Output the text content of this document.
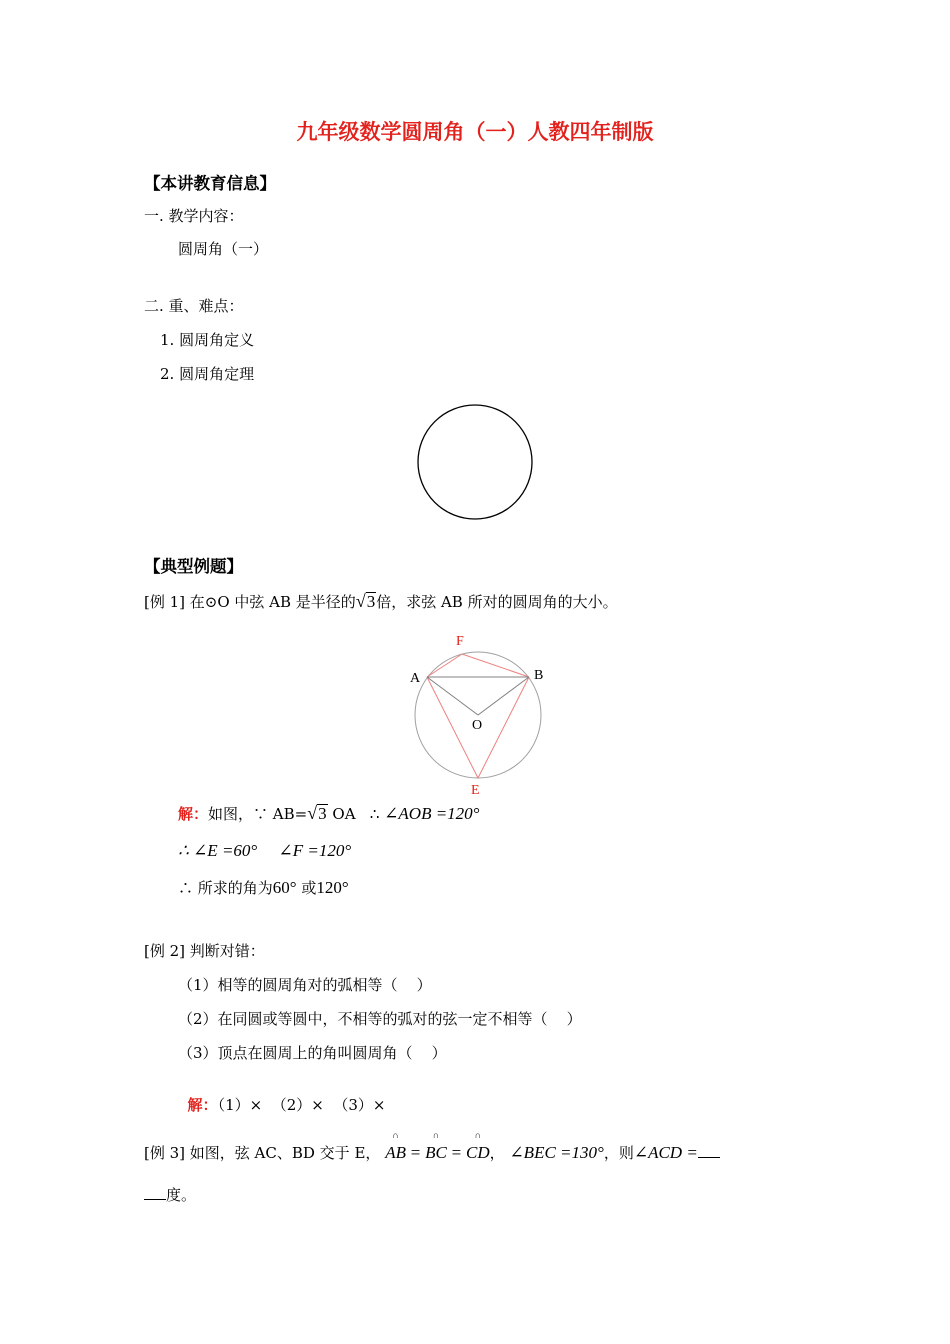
九年级数学圆周角（一）人教四年制版
【本讲教育信息】
一. 教学内容：
圆周角（一）
二. 重、难点：
1. 圆周角定义
2. 圆周角定理
【典型例题】
[例 1] 在⊙O 中弦 AB 是半径的√3倍，求弦 AB 所对的圆周角的大小。
A	B
O
E
F
解：如图，∵ AB=√3 OA ∴ ∠AOB =120°
∴ ∠E =60°     ∠F =120°
∴ 所求的角为60° 或120°
[例 2] 判断对错：
（1）相等的圆周角对的弧相等（    ）
（2）在同圆或等圆中，不相等的弧对的弦一定不相等（    ）
（3）顶点在圆周上的角叫圆周角（    ）

解：（1）×  （2）×  （3）×

[例 3] 如图，弦 AC、BD 交于 E，
∩
AB =
∩
BC =
∩
CD， ∠BEC =130°，则∠ACD =
度。
